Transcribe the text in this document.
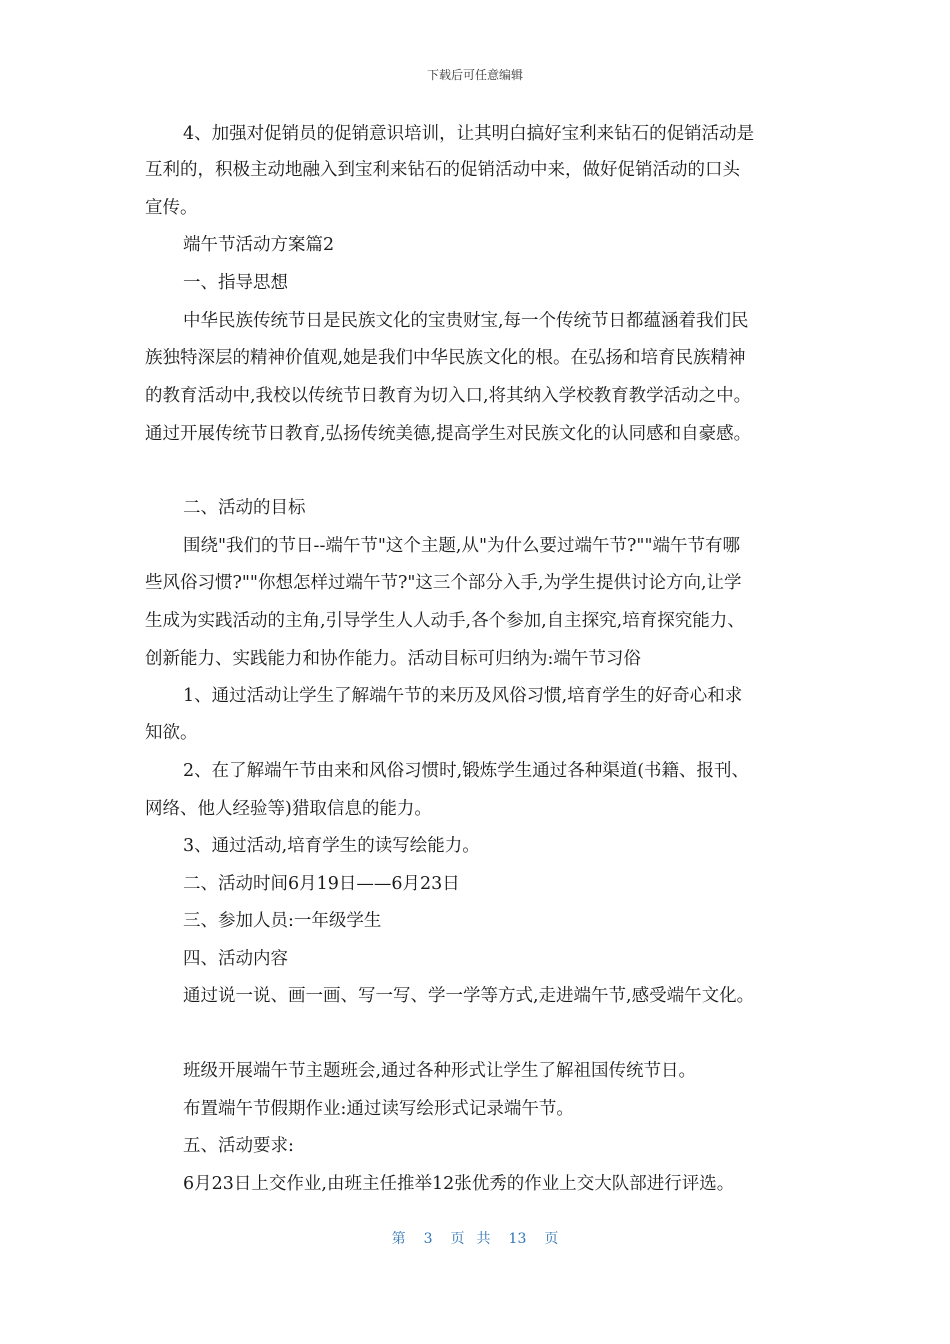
下载后可任意编辑
4、加强对促销员的促销意识培训，让其明白搞好宝利来钻石的促销活动是
互利的，积极主动地融入到宝利来钻石的促销活动中来，做好促销活动的口头
宣传。
端午节活动方案篇2
一、指导思想
中华民族传统节日是民族文化的宝贵财宝,每一个传统节日都蕴涵着我们民
族独特深层的精神价值观,她是我们中华民族文化的根。在弘扬和培育民族精神
的教育活动中,我校以传统节日教育为切入口,将其纳入学校教育教学活动之中。
通过开展传统节日教育,弘扬传统美德,提高学生对民族文化的认同感和自豪感。
二、活动的目标
围绕"我们的节日--端午节"这个主题,从"为什么要过端午节?""端午节有哪
些风俗习惯?""你想怎样过端午节?"这三个部分入手,为学生提供讨论方向,让学
生成为实践活动的主角,引导学生人人动手,各个参加,自主探究,培育探究能力、
创新能力、实践能力和协作能力。活动目标可归纳为:端午节习俗
1、通过活动让学生了解端午节的来历及风俗习惯,培育学生的好奇心和求
知欲。
2、在了解端午节由来和风俗习惯时,锻炼学生通过各种渠道(书籍、报刊、
网络、他人经验等)猎取信息的能力。
3、通过活动,培育学生的读写绘能力。
二、活动时间6月19日——6月23日
三、参加人员:一年级学生
四、活动内容
通过说一说、画一画、写一写、学一学等方式,走进端午节,感受端午文化。
班级开展端午节主题班会,通过各种形式让学生了解祖国传统节日。
布置端午节假期作业:通过读写绘形式记录端午节。
五、活动要求:
6月23日上交作业,由班主任推举12张优秀的作业上交大队部进行评选。
第 3 页共 13 页
